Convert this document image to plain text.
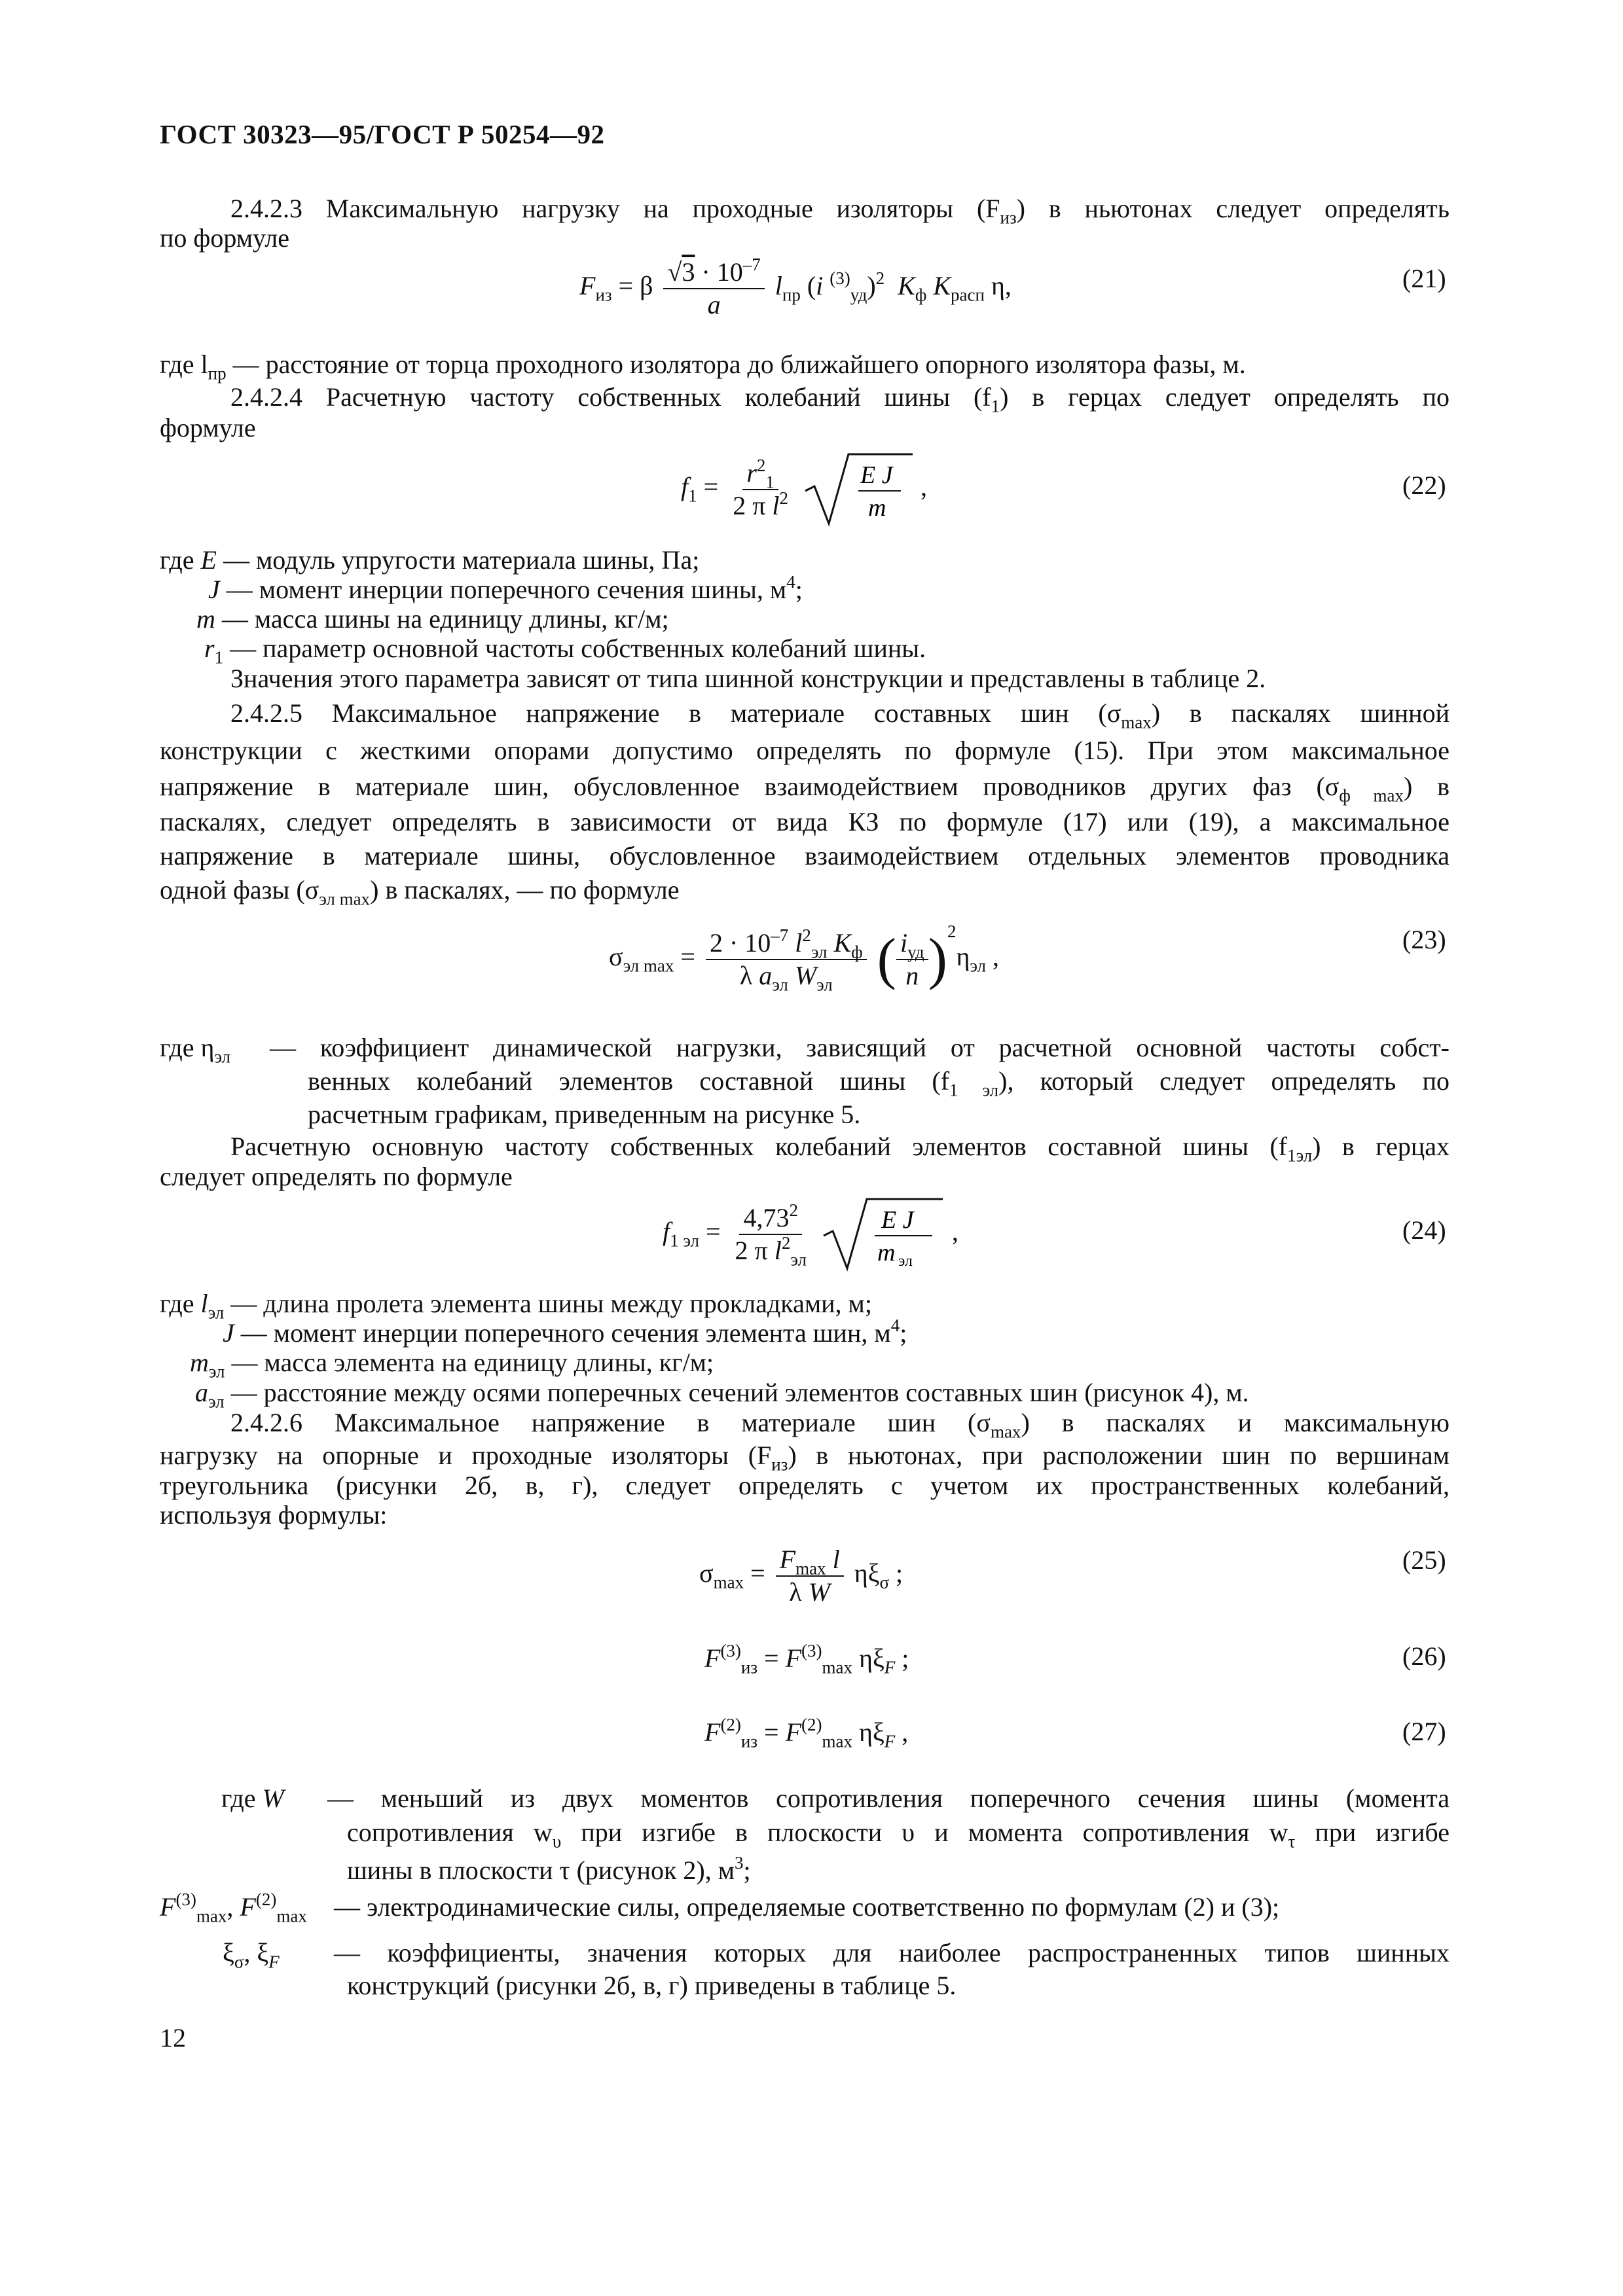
ГОСТ 30323—95/ГОСТ Р 50254—92
2.4.2.3 Максимальную нагрузку на проходные изоляторы $(F_{из})$ в ньютонах следует определять
по формуле
$F_{из} = \beta \frac{√3 \cdot 10^{-7}}{a} l_{пр}$ (i $^{(3)}_{уд}$)$^2$ $K_ф$ $K_{расп}$ η,	(21)
где $l_{пр}$ — расстояние от торца проходного изолятора до ближайшего опорного изолятора фазы, м.
2.4.2.4 Расчетную частоту собственных колебаний шины $(f_1)$ в герцах следует определять по
формуле
$f_1 = \frac{r^2_1}{2 \pi l^2}$
	E J
m
,	(22)
где E — модуль упругости материала шины, Па;
J — момент инерции поперечного сечения шины, $м^4$;
m — масса шины на единицу длины, кг/м;
$r_1$ — параметр основной частоты собственных колебаний шины.
Значения этого параметра зависят от типа шинной конструкции и представлены в таблице 2.
2.4.2.5 Максимальное напряжение в материале составных шин $(\sigma_{max})$ в паскалях шинной
конструкции с жесткими опорами допустимо определять по формуле (15). При этом максимальное
напряжение в материале шин, обусловленное взаимодействием проводников других фаз $(\sigma_{ф max})$ в
паскалях, следует определять в зависимости от вида КЗ по формуле (17) или (19), а максимальное
напряжение в материале шины, обусловленное взаимодействием отдельных элементов проводника
одной фазы $(\sigma_{эл max})$ в паскалях, — по формуле
$\sigma_{эл max} = \frac{2 \cdot 10^{-7} l^2_{эл} K_ф}{\lambda a_{эл} W_{эл}}$ ( $\frac{i_{уд}}{n} )^2\eta_{эл}$ ,
(23)
где $\eta_{эл}$ — коэффициент динамической нагрузки, зависящий от расчетной основной частоты собст-
венных колебаний элементов составной шины $(f_{1 эл})$, который следует определять по
расчетным графикам, приведенным на рисунке 5.
Расчетную основную частоту собственных колебаний элементов составной шины $(f_{1эл})$ в герцах
следует определять по формуле
$f_{1 эл} = \frac{4,73^2}{2 \pi l^2_{эл}}$
	E J
m эл
,	(24)
где $l_{эл}$ — длина пролета элемента шины между прокладками, м;
J — момент инерции поперечного сечения элемента шин, $м^4$;
$m_{эл}$ — масса элемента на единицу длины, кг/м;
$a_{эл}$ — расстояние между осями поперечных сечений элементов составных шин (рисунок 4), м.
2.4.2.6 Максимальное напряжение в материале шин $(\sigma_{max})$ в паскалях и максимальную
нагрузку на опорные и проходные изоляторы $(F_{из})$ в ньютонах, при расположении шин по вершинам
треугольника (рисунки 2б, в, г), следует определять с учетом их пространственных колебаний,
используя формулы:
$\sigma_{max} = \frac{F_{max} l}{\text{λ W}} \eta\xi_\sigma$ ;	(25)
$F^{(3)}_{из} = F^{(3)}_{max}$ $\eta\xi_F$ ;	(26)
$F^{(2)}_{из} = F^{(2)}_{max}$ $\eta\xi_F$ ,	(27)
где W — меньший из двух моментов сопротивления поперечного сечения шины (момента
сопротивления $w_\upsilon$ при изгибе в плоскости υ и момента сопротивления $w_\tau$ при изгибе
шины в плоскости τ (рисунок 2), $м^3$;
$F^{(3)}_{max}$, $F^{(2)}_{max}$ — электродинамические силы, определяемые соответственно по формулам (2) и (3);
$\xi_\sigma$, $\xi_F$ — коэффициенты, значения которых для наиболее распространенных типов шинных
конструкций (рисунки 2б, в, г) приведены в таблице 5.
12
